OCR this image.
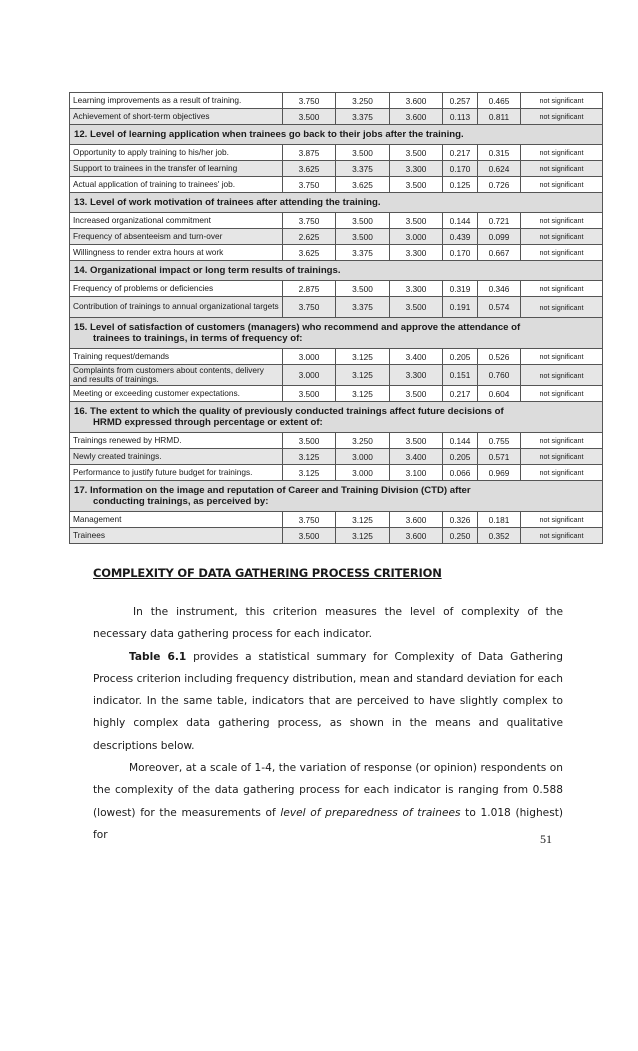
Learning improvements as a result of training.	3.750	3.250	3.600	0.257	0.465	not significant
Achievement of short-term objectives	3.500	3.375	3.600	0.113	0.811	not significant
12. Level of learning application when trainees go back to their jobs after the training.						
Opportunity to apply training to his/her job.	3.875	3.500	3.500	0.217	0.315	not significant
Support to trainees in the transfer of learning	3.625	3.375	3.300	0.170	0.624	not significant
Actual application of training to trainees' job.	3.750	3.625	3.500	0.125	0.726	not significant
13. Level of work motivation of trainees after attending the training.						
Increased organizational commitment	3.750	3.500	3.500	0.144	0.721	not significant
Frequency of absenteeism and turn-over	2.625	3.500	3.000	0.439	0.099	not significant
Willingness to render extra hours at work	3.625	3.375	3.300	0.170	0.667	not significant
14. Organizational impact or long term results of trainings.						
Frequency of problems or deficiencies	2.875	3.500	3.300	0.319	0.346	not significant
Contribution of trainings to annual organizational targets	3.750	3.375	3.500	0.191	0.574	not significant
15. Level of satisfaction of customers (managers) who recommend and approve the attendance of
trainees to trainings, in terms of frequency of:						

Training request/demands	3.000	3.125	3.400	0.205	0.526	not significant
Complaints from customers about contents, delivery and results of trainings.	3.000	3.125	3.300	0.151	0.760	not significant
Meeting or exceeding customer expectations.	3.500	3.125	3.500	0.217	0.604	not significant
16. The extent to which the quality of previously conducted trainings affect future decisions of
HRMD expressed through percentage or extent of:						

Trainings renewed by HRMD.	3.500	3.250	3.500	0.144	0.755	not significant
Newly created trainings.	3.125	3.000	3.400	0.205	0.571	not significant
Performance to justify future budget for trainings.	3.125	3.000	3.100	0.066	0.969	not significant
17. Information on the image and reputation of Career and Training Division (CTD) after
conducting trainings, as perceived by:						

Management	3.750	3.125	3.600	0.326	0.181	not significant
Trainees	3.500	3.125	3.600	0.250	0.352	not significant
COMPLEXITY OF DATA GATHERING PROCESS CRITERION

In the instrument, this criterion measures the level of complexity of the necessary data gathering process for each indicator.

Table 6.1 provides a statistical summary for Complexity of Data Gathering Process criterion including frequency distribution, mean and standard deviation for each indicator. In the same table, indicators that are perceived to have slightly complex to highly complex data gathering process, as shown in the means and qualitative descriptions below.

Moreover, at a scale of 1-4, the variation of response (or opinion) respondents on the complexity of the data gathering process for each indicator is ranging from 0.588 (lowest) for the measurements of level of preparedness of trainees to 1.018 (highest) for	51
